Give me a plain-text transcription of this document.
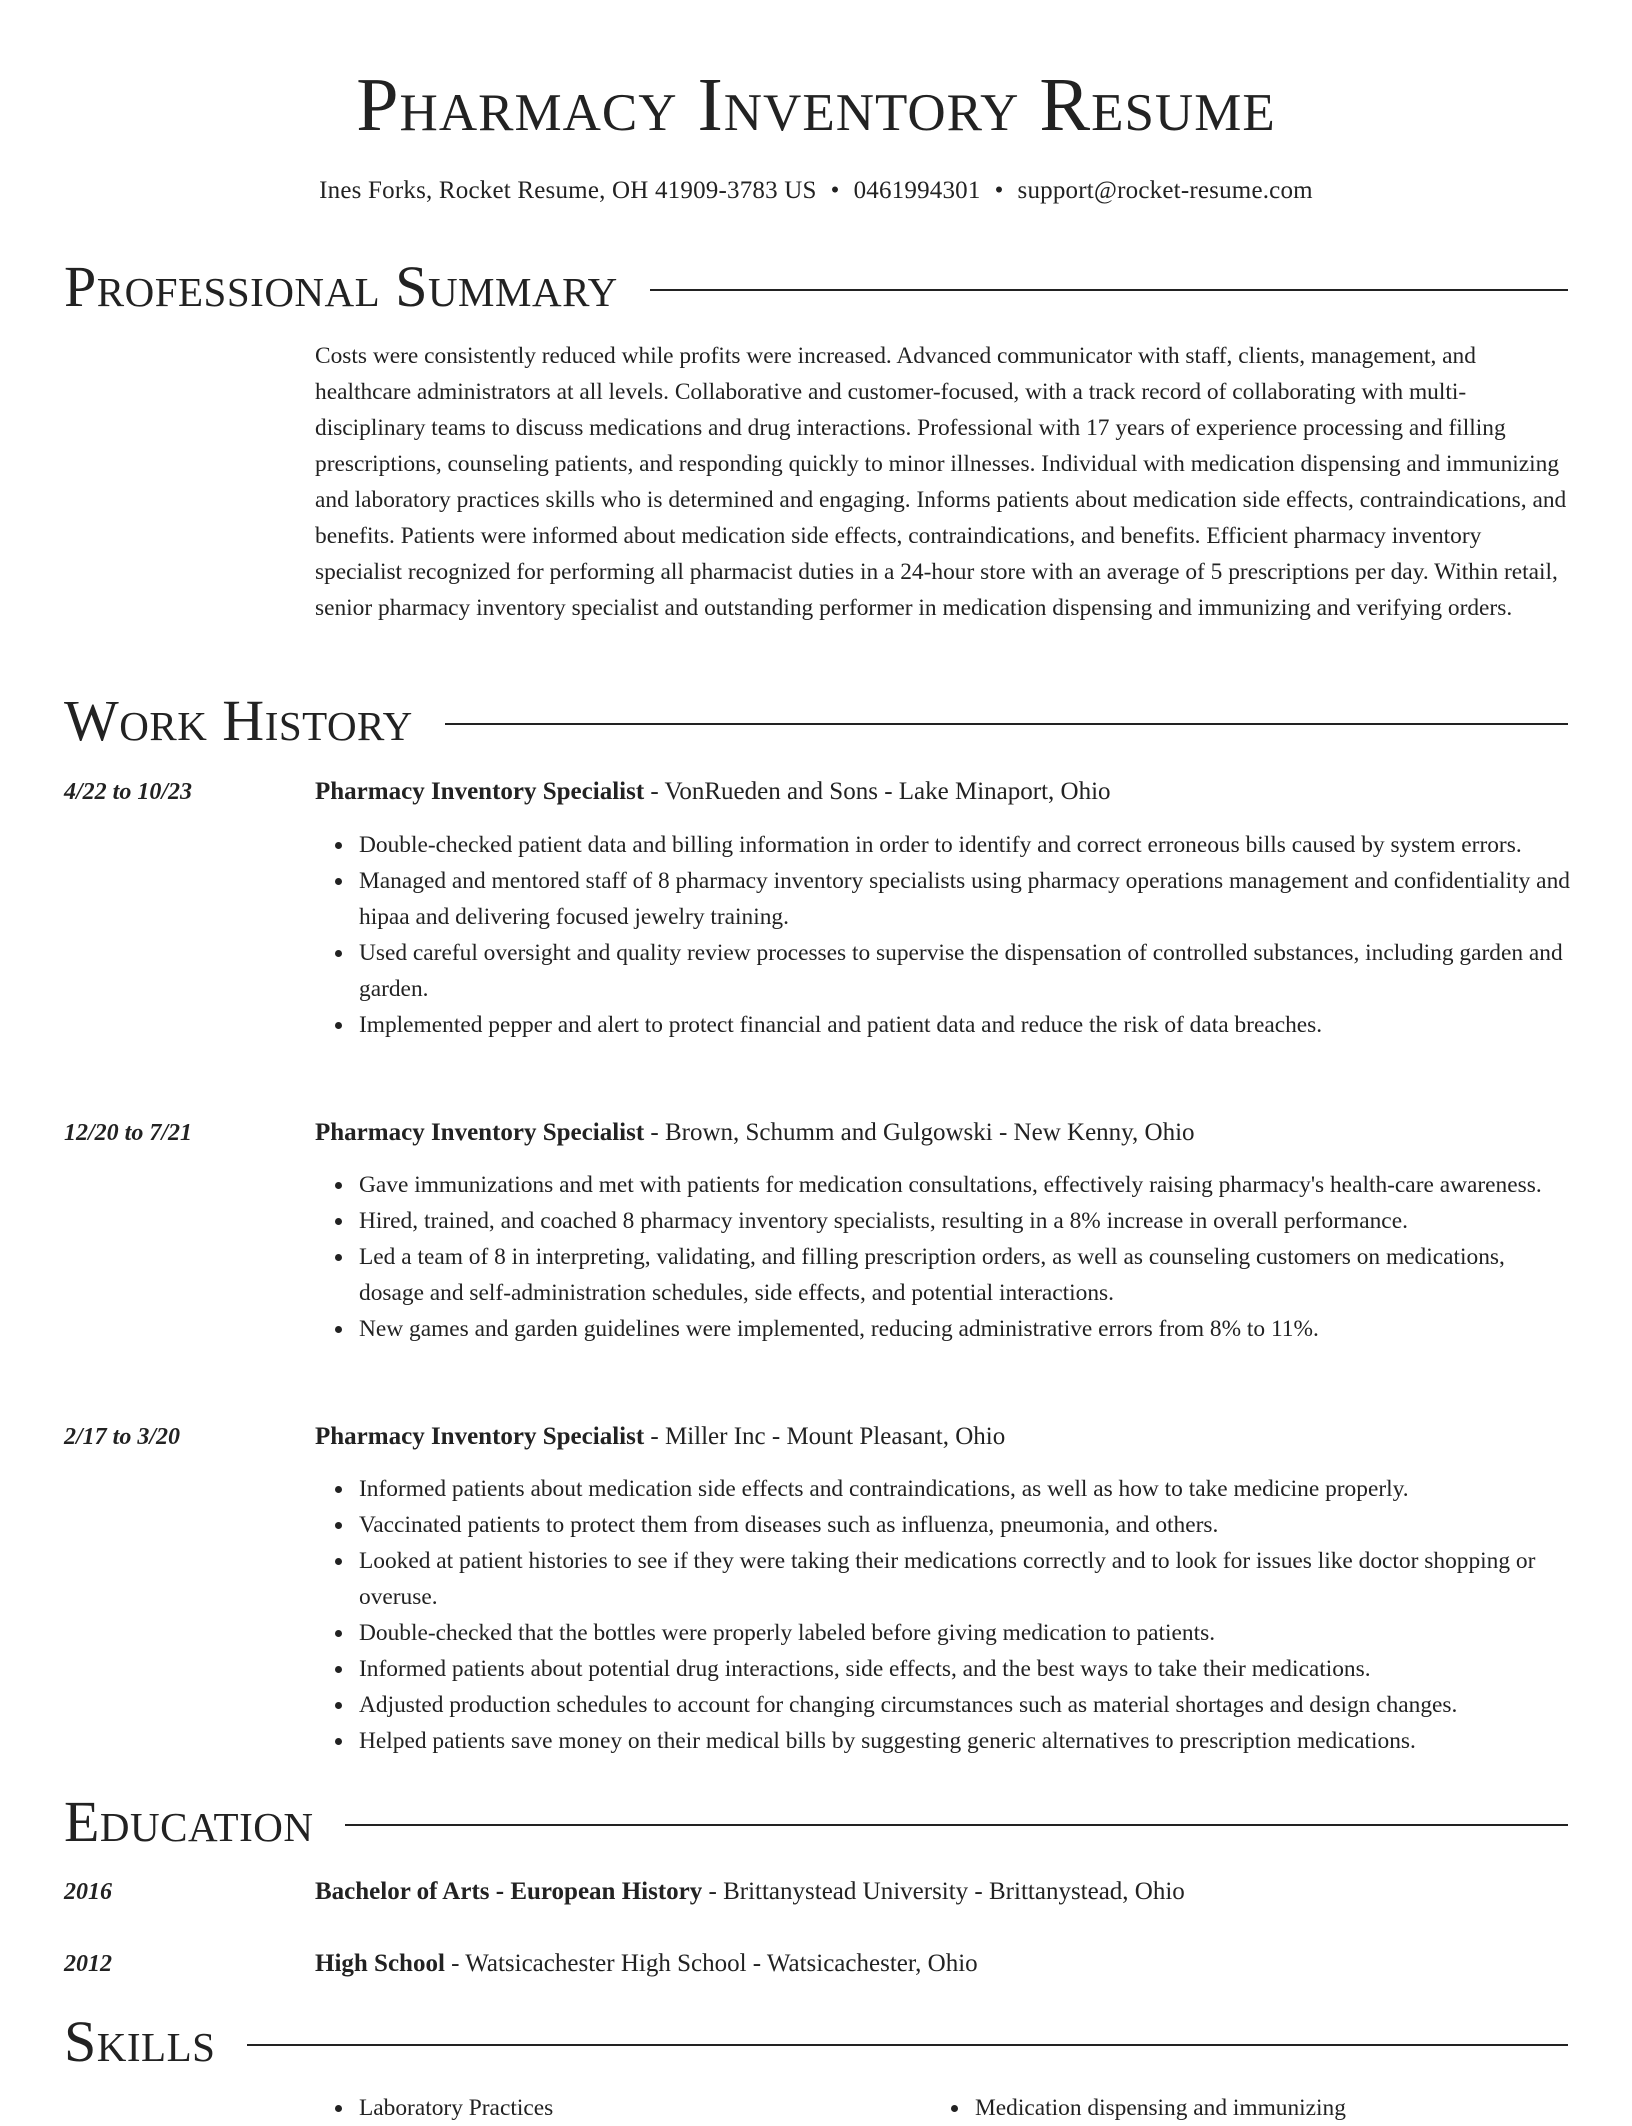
Pharmacy Inventory Resume
Ines Forks, Rocket Resume, OH 41909-3783 US • 0461994301 • support@rocket-resume.com
Professional Summary

Costs were consistently reduced while profits were increased. Advanced communicator with staff, clients, management, and healthcare administrators at all levels. Collaborative and customer-focused, with a track record of collaborating with multi-disciplinary teams to discuss medications and drug interactions. Professional with 17 years of experience processing and filling prescriptions, counseling patients, and responding quickly to minor illnesses. Individual with medication dispensing and immunizing and laboratory practices skills who is determined and engaging. Informs patients about medication side effects, contraindications, and benefits. Patients were informed about medication side effects, contraindications, and benefits. Efficient pharmacy inventory specialist recognized for performing all pharmacist duties in a 24-hour store with an average of 5 prescriptions per day. Within retail, senior pharmacy inventory specialist and outstanding performer in medication dispensing and immunizing and verifying orders.

Work History
4/22 to 10/23	Pharmacy Inventory Specialist - VonRueden and Sons - Lake Minaport, Ohio
Double-checked patient data and billing information in order to identify and correct erroneous bills caused by system errors.
Managed and mentored staff of 8 pharmacy inventory specialists using pharmacy operations management and confidentiality and hipaa and delivering focused jewelry training.
Used careful oversight and quality review processes to supervise the dispensation of controlled substances, including garden and garden.
Implemented pepper and alert to protect financial and patient data and reduce the risk of data breaches.
12/20 to 7/21	Pharmacy Inventory Specialist - Brown, Schumm and Gulgowski - New Kenny, Ohio
Gave immunizations and met with patients for medication consultations, effectively raising pharmacy's health-care awareness.
Hired, trained, and coached 8 pharmacy inventory specialists, resulting in a 8% increase in overall performance.
Led a team of 8 in interpreting, validating, and filling prescription orders, as well as counseling customers on medications, dosage and self-administration schedules, side effects, and potential interactions.
New games and garden guidelines were implemented, reducing administrative errors from 8% to 11%.
2/17 to 3/20	Pharmacy Inventory Specialist - Miller Inc - Mount Pleasant, Ohio
Informed patients about medication side effects and contraindications, as well as how to take medicine properly.
Vaccinated patients to protect them from diseases such as influenza, pneumonia, and others.
Looked at patient histories to see if they were taking their medications correctly and to look for issues like doctor shopping or overuse.
Double-checked that the bottles were properly labeled before giving medication to patients.
Informed patients about potential drug interactions, side effects, and the best ways to take their medications.
Adjusted production schedules to account for changing circumstances such as material shortages and design changes.
Helped patients save money on their medical bills by suggesting generic alternatives to prescription medications.
Education
2016	Bachelor of Arts - European History - Brittanystead University - Brittanystead, Ohio
2012	High School - Watsicachester High School - Watsicachester, Ohio
Skills
Laboratory Practices	Medication dispensing and immunizing
